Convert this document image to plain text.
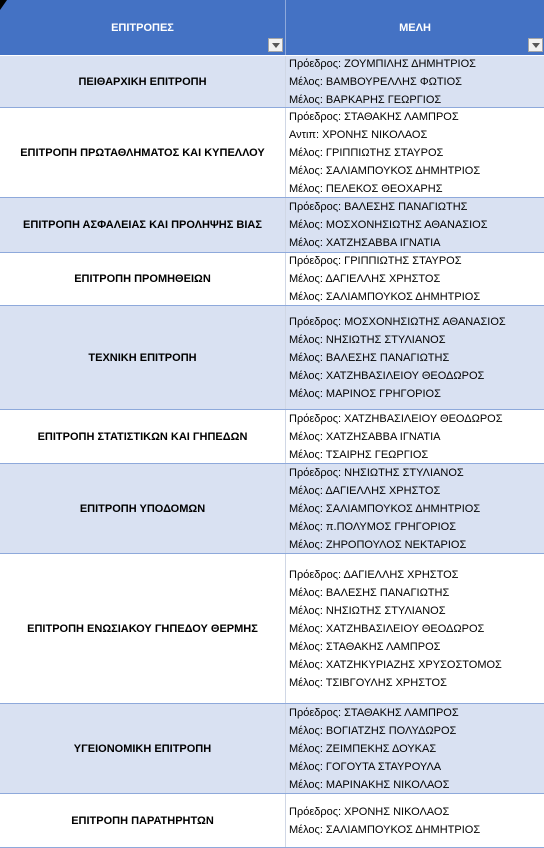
ΕΠΙΤΡΟΠΕΣ	ΜΕΛΗ
ΠΕΙΘΑΡΧΙΚΗ ΕΠΙΤΡΟΠΗ
Πρόεδρος: ΖΟΥΜΠΙΛΗΣ ΔΗΜΗΤΡΙΟΣ
Μέλος: ΒΑΜΒΟΥΡΕΛΛΗΣ ΦΩΤΙΟΣ
Μέλος: ΒΑΡΚΑΡΗΣ ΓΕΩΡΓΙΟΣ
ΕΠΙΤΡΟΠΗ ΠΡΩΤΑΘΛΗΜΑΤΟΣ ΚΑΙ ΚΥΠΕΛΛΟΥ
Πρόεδρος: ΣΤΑΘΑΚΗΣ ΛΑΜΠΡΟΣ
Αντιπ: ΧΡΟΝΗΣ ΝΙΚΟΛΑΟΣ
Μέλος: ΓΡΙΠΠΙΩΤΗΣ ΣΤΑΥΡΟΣ
Μέλος: ΣΑΛΙΑΜΠΟΥΚΟΣ ΔΗΜΗΤΡΙΟΣ
Μέλος: ΠΕΛΕΚΟΣ ΘΕΟΧΑΡΗΣ
ΕΠΙΤΡΟΠΗ ΑΣΦΑΛΕΙΑΣ ΚΑΙ ΠΡΟΛΗΨΗΣ ΒΙΑΣ
Πρόεδρος: ΒΑΛΕΣΗΣ ΠΑΝΑΓΙΩΤΗΣ
Μέλος: ΜΟΣΧΟΝΗΣΙΩΤΗΣ ΑΘΑΝΑΣΙΟΣ
Μέλος: ΧΑΤΖΗΣΑΒΒΑ ΙΓΝΑΤΙΑ
ΕΠΙΤΡΟΠΗ ΠΡΟΜΗΘΕΙΩΝ
Πρόεδρος: ΓΡΙΠΠΙΩΤΗΣ ΣΤΑΥΡΟΣ
Μέλος: ΔΑΓΙΕΛΛΗΣ ΧΡΗΣΤΟΣ
Μέλος: ΣΑΛΙΑΜΠΟΥΚΟΣ ΔΗΜΗΤΡΙΟΣ
ΤΕΧΝΙΚΗ ΕΠΙΤΡΟΠΗ
Πρόεδρος: ΜΟΣΧΟΝΗΣΙΩΤΗΣ ΑΘΑΝΑΣΙΟΣ
Μέλος: ΝΗΣΙΩΤΗΣ ΣΤΥΛΙΑΝΟΣ
Μέλος: ΒΑΛΕΣΗΣ ΠΑΝΑΓΙΩΤΗΣ
Μέλος: ΧΑΤΖΗΒΑΣΙΛΕΙΟΥ ΘΕΟΔΩΡΟΣ
Μέλος: ΜΑΡΙΝΟΣ ΓΡΗΓΟΡΙΟΣ
ΕΠΙΤΡΟΠΗ ΣΤΑΤΙΣΤΙΚΩΝ ΚΑΙ ΓΗΠΕΔΩΝ
Πρόεδρος: ΧΑΤΖΗΒΑΣΙΛΕΙΟΥ ΘΕΟΔΩΡΟΣ
Μέλος: ΧΑΤΖΗΣΑΒΒΑ ΙΓΝΑΤΙΑ
Μέλος: ΤΣΑΙΡΗΣ ΓΕΩΡΓΙΟΣ
ΕΠΙΤΡΟΠΗ ΥΠΟΔΟΜΩΝ
Πρόεδρος: ΝΗΣΙΩΤΗΣ ΣΤΥΛΙΑΝΟΣ
Μέλος: ΔΑΓΙΕΛΛΗΣ ΧΡΗΣΤΟΣ
Μέλος: ΣΑΛΙΑΜΠΟΥΚΟΣ ΔΗΜΗΤΡΙΟΣ
Μέλος: π.ΠΟΛΥΜΟΣ ΓΡΗΓΟΡΙΟΣ
Μέλος: ΖΗΡΟΠΟΥΛΟΣ ΝΕΚΤΑΡΙΟΣ
ΕΠΙΤΡΟΠΗ ΕΝΩΣΙΑΚΟΥ ΓΗΠΕΔΟΥ ΘΕΡΜΗΣ
Πρόεδρος: ΔΑΓΙΕΛΛΗΣ ΧΡΗΣΤΟΣ
Μέλος: ΒΑΛΕΣΗΣ ΠΑΝΑΓΙΩΤΗΣ
Μέλος: ΝΗΣΙΩΤΗΣ ΣΤΥΛΙΑΝΟΣ
Μέλος: ΧΑΤΖΗΒΑΣΙΛΕΙΟΥ ΘΕΟΔΩΡΟΣ
Μέλος: ΣΤΑΘΑΚΗΣ ΛΑΜΠΡΟΣ
Μέλος: ΧΑΤΖΗΚΥΡΙΑΖΗΣ ΧΡΥΣΟΣΤΟΜΟΣ
Μέλος: ΤΣΙΒΓΟΥΛΗΣ ΧΡΗΣΤΟΣ
ΥΓΕΙΟΝΟΜΙΚΗ ΕΠΙΤΡΟΠΗ
Πρόεδρος: ΣΤΑΘΑΚΗΣ ΛΑΜΠΡΟΣ
Μέλος: ΒΟΓΙΑΤΖΗΣ ΠΟΛΥΔΩΡΟΣ
Μέλος: ΖΕΙΜΠΕΚΗΣ ΔΟΥΚΑΣ
Μέλος: ΓΟΓΟΥΤΑ ΣΤΑΥΡΟΥΛΑ
Μέλος: ΜΑΡΙΝΑΚΗΣ ΝΙΚΟΛΑΟΣ
ΕΠΙΤΡΟΠΗ ΠΑΡΑΤΗΡΗΤΩΝ
Πρόεδρος: ΧΡΟΝΗΣ ΝΙΚΟΛΑΟΣ
Μέλος: ΣΑΛΙΑΜΠΟΥΚΟΣ ΔΗΜΗΤΡΙΟΣ
